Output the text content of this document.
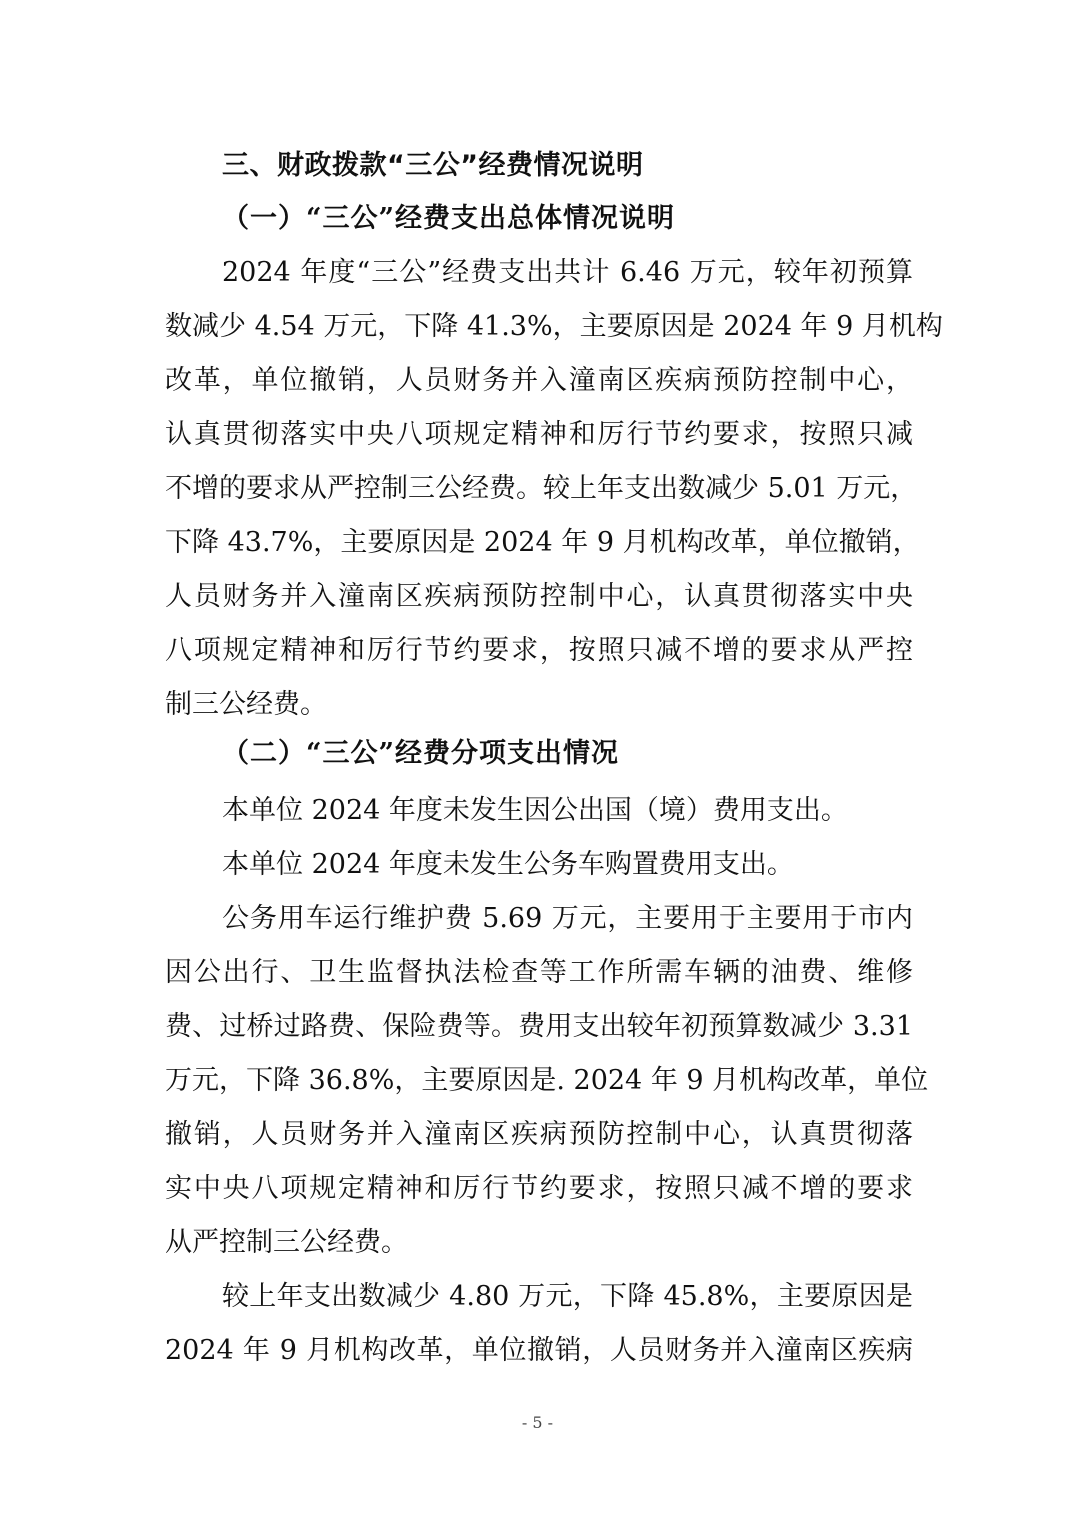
三、财政拨款“三公”经费情况说明
（一）“三公”经费支出总体情况说明
2024 年度“三公”经费支出共计 6.46 万元，较年初预算
数减少 4.54 万元，下降 41.3%，主要原因是 2024 年 9 月机构
改革，单位撤销，人员财务并入潼南区疾病预防控制中心，
认真贯彻落实中央八项规定精神和厉行节约要求，按照只减
不增的要求从严控制三公经费。较上年支出数减少 5.01 万元，
下降 43.7%，主要原因是 2024 年 9 月机构改革，单位撤销，
人员财务并入潼南区疾病预防控制中心，认真贯彻落实中央
八项规定精神和厉行节约要求，按照只减不增的要求从严控
制三公经费。
（二）“三公”经费分项支出情况
本单位 2024 年度未发生因公出国（境）费用支出。
本单位 2024 年度未发生公务车购置费用支出。
公务用车运行维护费 5.69 万元，主要用于主要用于市内
因公出行、卫生监督执法检查等工作所需车辆的油费、维修
费、过桥过路费、保险费等。费用支出较年初预算数减少 3.31
万元，下降 36.8%，主要原因是. 2024 年 9 月机构改革，单位
撤销，人员财务并入潼南区疾病预防控制中心，认真贯彻落
实中央八项规定精神和厉行节约要求，按照只减不增的要求
从严控制三公经费。
较上年支出数减少 4.80 万元，下降 45.8%，主要原因是
2024 年 9 月机构改革，单位撤销，人员财务并入潼南区疾病
- 5 -
